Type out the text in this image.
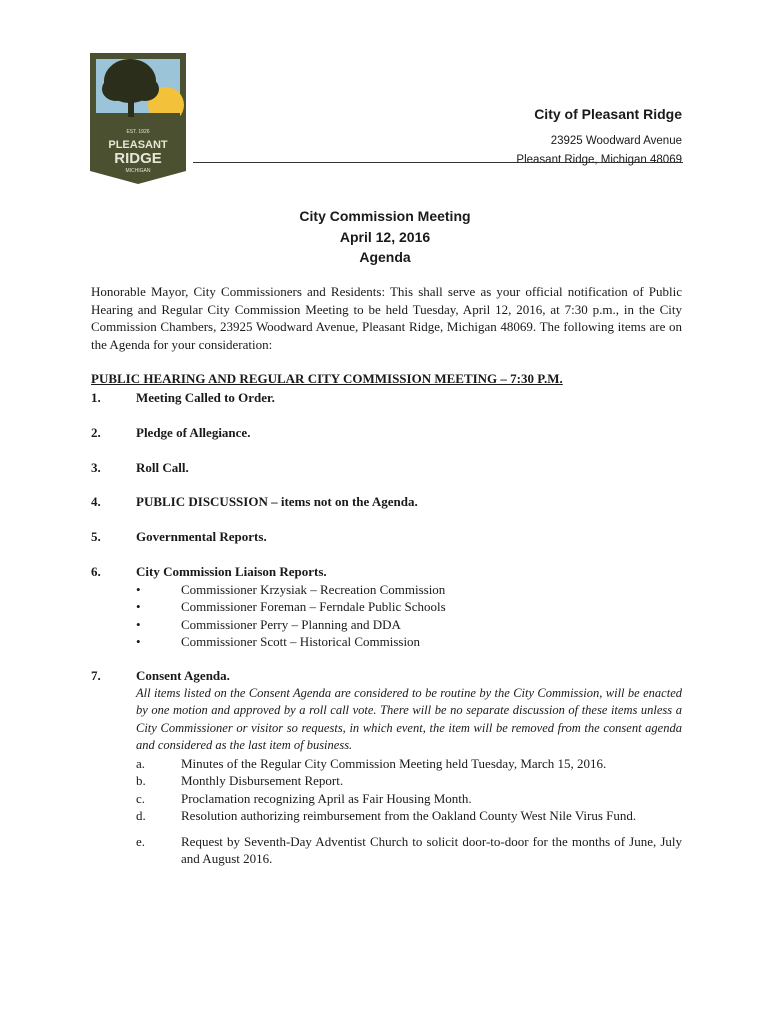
EST. 1926
PLEASANT
RIDGE
MICHIGAN
City of Pleasant Ridge
23925 Woodward Avenue
Pleasant Ridge, Michigan 48069
City Commission Meeting
April 12, 2016
Agenda
Honorable Mayor, City Commissioners and Residents: This shall serve as your official notification of Public Hearing and Regular City Commission Meeting to be held Tuesday, April 12, 2016, at 7:30 p.m., in the City Commission Chambers, 23925 Woodward Avenue, Pleasant Ridge, Michigan 48069. The following items are on the Agenda for your consideration:
PUBLIC HEARING AND REGULAR CITY COMMISSION MEETING – 7:30 P.M.
1.	Meeting Called to Order.
2.	Pledge of Allegiance.
3.	Roll Call.
4.	PUBLIC DISCUSSION – items not on the Agenda.
5.	Governmental Reports.
6.	City Commission Liaison Reports.
•	Commissioner Krzysiak – Recreation Commission
•	Commissioner Foreman – Ferndale Public Schools
•	Commissioner Perry – Planning and DDA
•	Commissioner Scott – Historical Commission
7.	Consent Agenda.
All items listed on the Consent Agenda are considered to be routine by the City Commission, will be enacted by one motion and approved by a roll call vote. There will be no separate discussion of these items unless a City Commissioner or visitor so requests, in which event, the item will be removed from the consent agenda and considered as the last item of business.
a.	Minutes of the Regular City Commission Meeting held Tuesday, March 15, 2016.
b.	Monthly Disbursement Report.
c.	Proclamation recognizing April as Fair Housing Month.
d.	Resolution authorizing reimbursement from the Oakland County West Nile Virus Fund.
e.	Request by Seventh-Day Adventist Church to solicit door-to-door for the months of June, July and August 2016.
